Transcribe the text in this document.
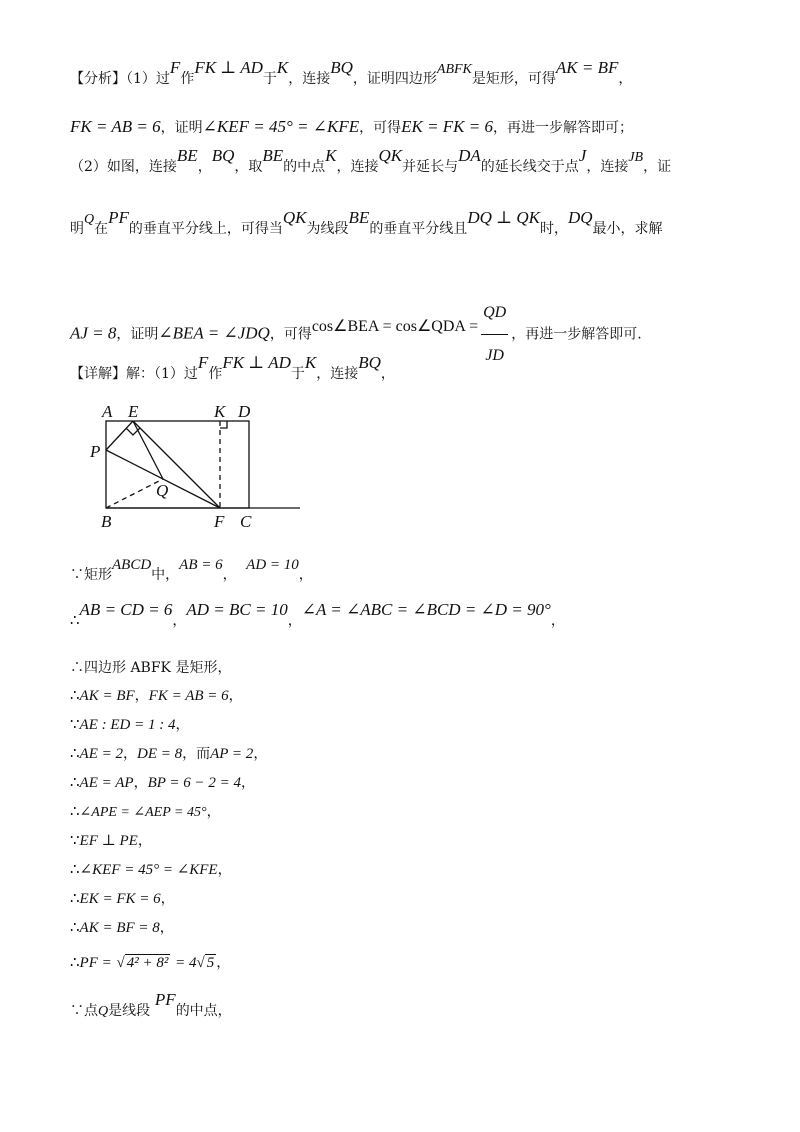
【分析】（1）过F作FK ⊥ AD于K，连接BQ，证明四边形ABFK是矩形，可得AK = BF，
FK = AB = 6，证明∠KEF = 45° = ∠KFE，可得EK = FK = 6，再进一步解答即可；
（2）如图，连接BE，BQ，取BE的中点K，连接QK并延长与DA的延长线交于点J，连接JB，证
明Q在PF的垂直平分线上，可得当QK为线段BE的垂直平分线且DQ ⊥ QK时，DQ最小，求解
AJ = 8，证明∠BEA = ∠JDQ，可得cos∠BEA = cos∠QDA = $\frac{QD}{JD}$ ，再进一步解答即可.
【详解】解：（1）过F作FK ⊥ AD于K，连接BQ，
A E	K D
P
Q
B	F C
∵矩形ABCD中，AB = 6，  AD = 10，
∴AB = CD = 6，AD = BC = 10，∠A = ∠ABC = ∠BCD = ∠D = 90°，
∴四边形 ABFK 是矩形，
∴AK = BF，FK = AB = 6，
∵AE : ED = 1 : 4，
∴AE = 2，DE = 8，而AP = 2，
∴AE = AP，BP = 6 − 2 = 4，
∴∠APE = ∠AEP = 45°，
∵EF ⊥ PE，
∴∠KEF = 45° = ∠KFE，
∴EK = FK = 6，
∴AK = BF = 8，
∴PF = √ 4² + 8² = 4√ 5 ，
∵点Q是线段 PF的中点，
